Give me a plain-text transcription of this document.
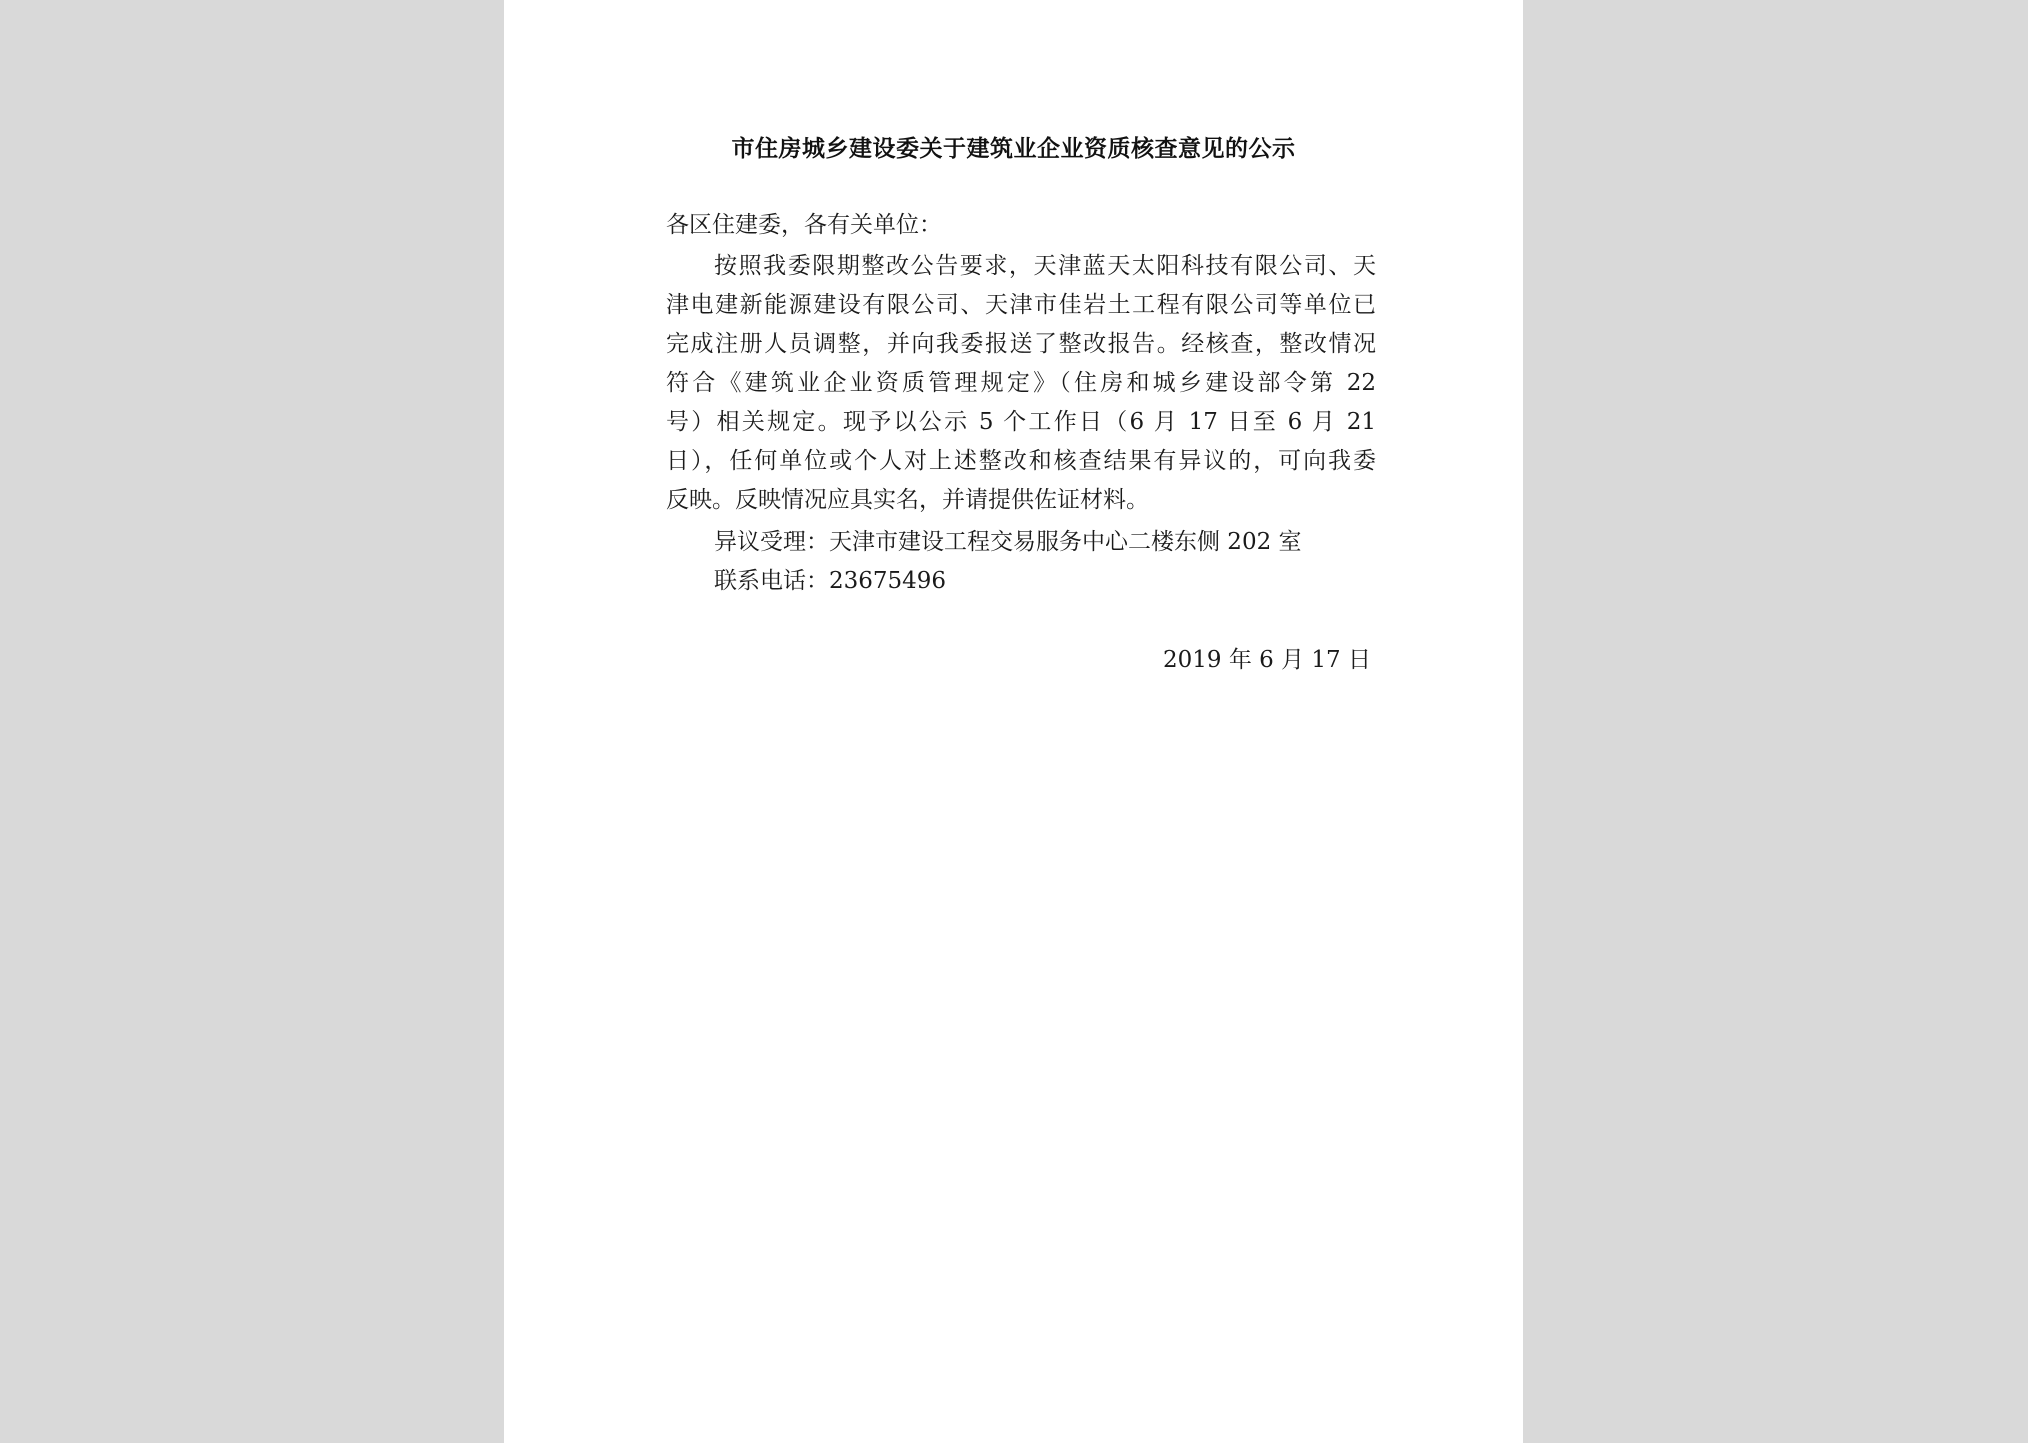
市住房城乡建设委关于建筑业企业资质核查意见的公示
各区住建委，各有关单位：
按照我委限期整改公告要求，天津蓝天太阳科技有限公司、天
津电建新能源建设有限公司、天津市佳岩土工程有限公司等单位已
完成注册人员调整，并向我委报送了整改报告。经核查，整改情况
符合《建筑业企业资质管理规定》（住房和城乡建设部令第 22
号）相关规定。现予以公示 5 个工作日（6 月 17 日至 6 月 21
日），任何单位或个人对上述整改和核查结果有异议的，可向我委
反映。反映情况应具实名，并请提供佐证材料。
异议受理：天津市建设工程交易服务中心二楼东侧 202 室
联系电话：23675496
2019 年 6 月 17 日
